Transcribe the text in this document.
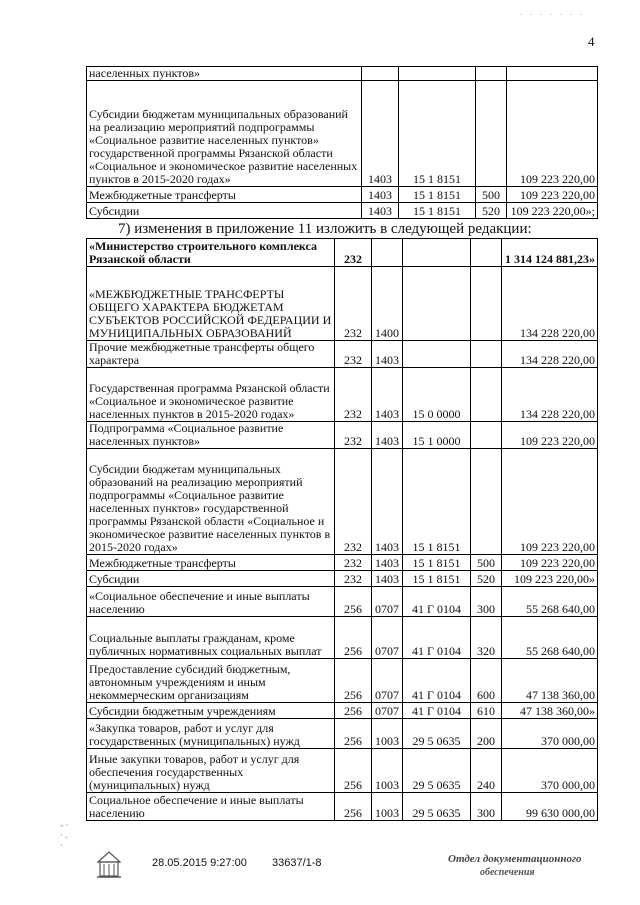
. . . . . . .
4
населенных пунктов»				
Субсидии бюджетам муниципальных образований на реализацию мероприятий подпрограммы «Социальное развитие населенных пунктов» государственной программы Рязанской области «Социальное и экономическое развитие населенных пунктов в 2015-2020 годах»	1403	15 1 8151		109 223 220,00
Межбюджетные трансферты	1403	15 1 8151	500	109 223 220,00
Субсидии	1403	15 1 8151	520	109 223 220,00»;
7) изменения в приложение 11 изложить в следующей редакции:
«Министерство строительного комплекса Рязанской области	232				1 314 124 881,23»
«МЕЖБЮДЖЕТНЫЕ ТРАНСФЕРТЫ ОБЩЕГО ХАРАКТЕРА БЮДЖЕТАМ СУБЪЕКТОВ РОССИЙСКОЙ ФЕДЕРАЦИИ И МУНИЦИПАЛЬНЫХ ОБРАЗОВАНИЙ	232	1400			134 228 220,00
Прочие межбюджетные трансферты общего характера	232	1403			134 228 220,00
Государственная программа Рязанской области «Социальное и экономическое развитие населенных пунктов в 2015-2020 годах»	232	1403	15 0 0000		134 228 220,00
Подпрограмма «Социальное развитие населенных пунктов»	232	1403	15 1 0000		109 223 220,00
Субсидии бюджетам муниципальных образований на реализацию мероприятий подпрограммы «Социальное развитие населенных пунктов» государственной программы Рязанской области «Социальное и экономическое развитие населенных пунктов в 2015-2020 годах»	232	1403	15 1 8151		109 223 220,00
Межбюджетные трансферты	232	1403	15 1 8151	500	109 223 220,00
Субсидии	232	1403	15 1 8151	520	109 223 220,00»
«Социальное обеспечение и иные выплаты населению	256	0707	41 Г 0104	300	55 268 640,00
Социальные выплаты гражданам, кроме публичных нормативных социальных выплат	256	0707	41 Г 0104	320	55 268 640,00
Предоставление субсидий бюджетным, автономным учреждениям и иным некоммерческим организациям	256	0707	41 Г 0104	600	47 138 360,00
Субсидии бюджетным учреждениям	256	0707	41 Г 0104	610	47 138 360,00»
«Закупка товаров, работ и услуг для государственных (муниципальных) нужд	256	1003	29 5 0635	200	370 000,00
Иные закупки товаров, работ и услуг для обеспечения государственных (муниципальных) нужд	256	1003	29 5 0635	240	370 000,00
Социальное обеспечение и иные выплаты населению	256	1003	29 5 0635	300	99 630 000,00
- ·
· .
·
28.05.2015 9:27:00 33637/1-8	Отдел документационного
обеспечения
